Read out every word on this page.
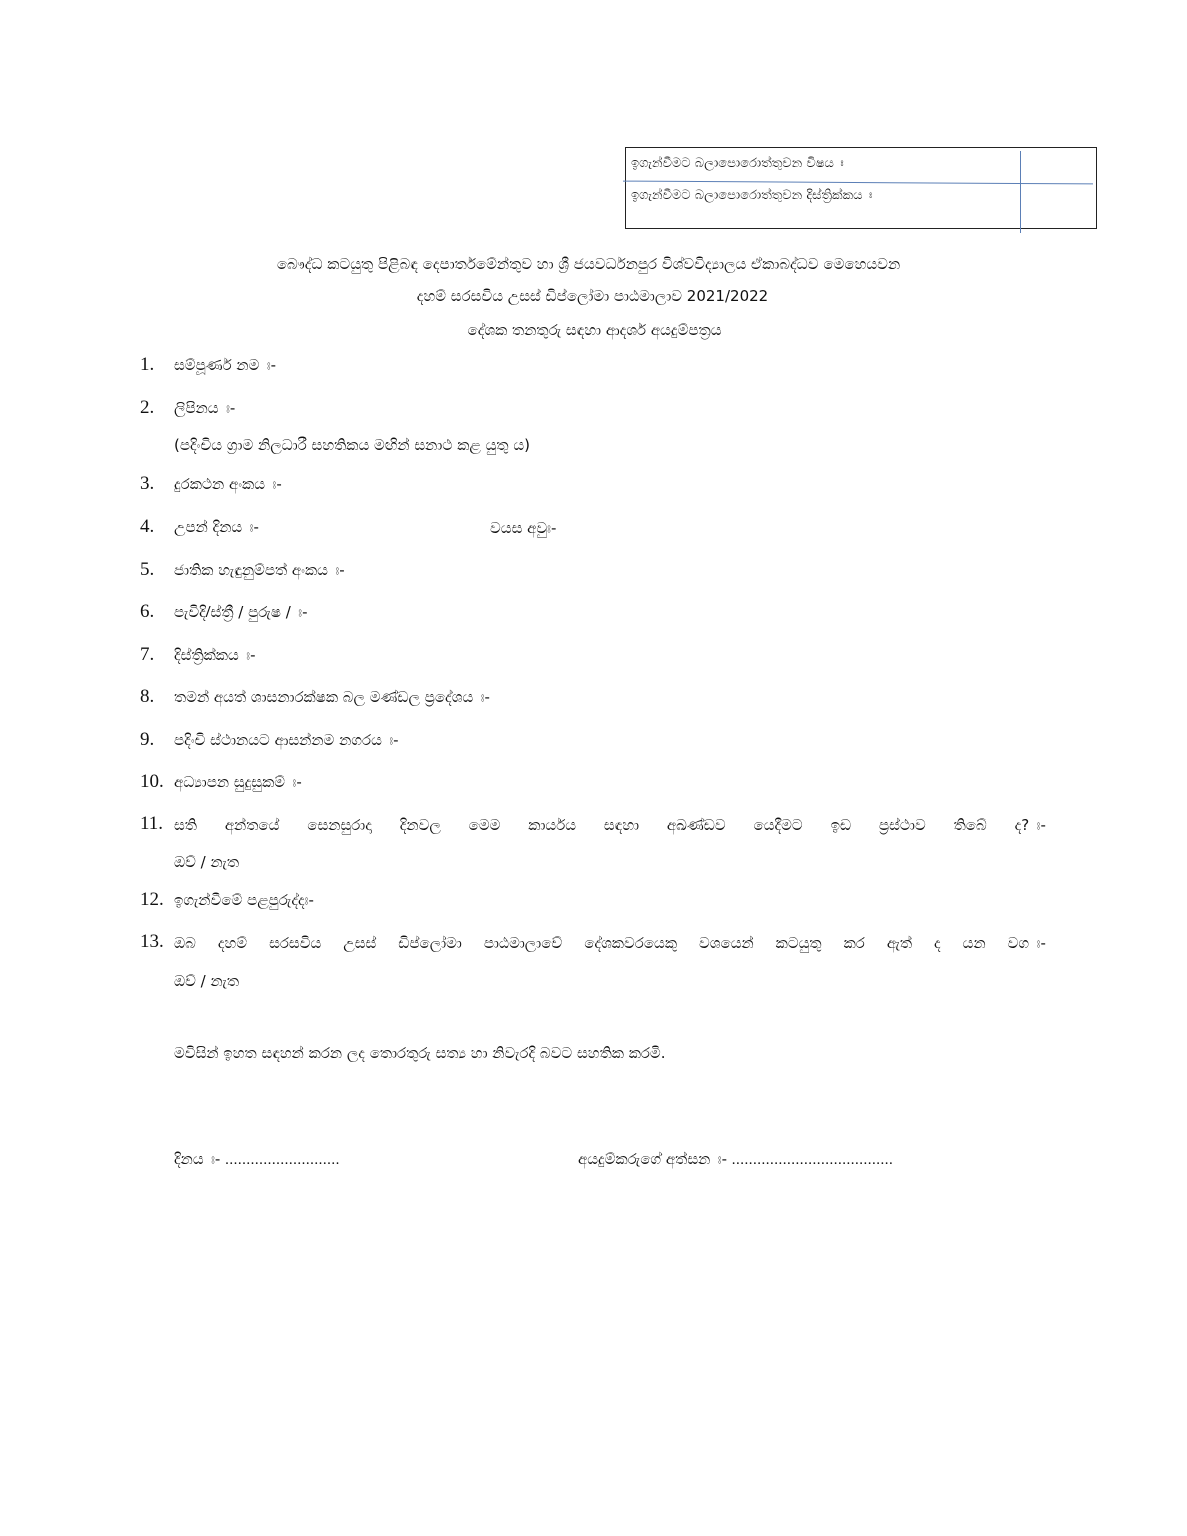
ඉගැන්වීමට බලාපොරොත්තුවන විෂය ඃ
ඉගැන්වීමට බලාපොරොත්තුවන දිස්ත්‍රික්කය ඃ
බෞද්ධ කටයුතු පිළිබඳ දෙපාර්තමේන්තුව හා ශ්‍රී ජයවර්ධනපුර විශ්වවිද්‍යාලය ඒකාබද්ධව මෙහෙයවන
දහම් සරසවිය උසස් ඩිප්ලෝමා පාඨමාලාව 2021/2022
දේශක තනතුරු සඳහා ආදර්ශ අයදුම්පත්‍රය
1. සම්පූර්ණ නම ඃ-
2. ලිපිනය ඃ-
(පදිංචිය ග්‍රාම නිලධාරී සහතිකය මඟින් සනාථ කළ යුතු ය)
3. දුරකථන අංකය ඃ-
4. උපන් දිනය ඃ-	වයස අවුඃ-
5. ජාතික හැඳුනුම්පත් අංකය ඃ-
6. පැවිදි/ස්ත්‍රී / පුරුෂ / ඃ-
7. දිස්ත්‍රික්කය ඃ-
8. තමන් අයත් ශාසනාරක්ෂක බල මණ්ඩල ප්‍රදේශය ඃ-
9. පදිංචි ස්ථානයට ආසන්නම නගරය ඃ-
10. අධ්‍යාපන සුදුසුකම් ඃ-
11. සති අන්තයේ සෙනසුරාදා දිනවල මෙම කාර්යය සඳහා අඛණ්ඩව යෙදීමට ඉඩ ප්‍රස්ථාව තිබේ ද? ඃ-
ඔව් / නැත
12. ඉගැන්වීමේ පළපුරුද්දඃ-
13. ඔබ දහම් සරසවිය උසස් ඩිප්ලෝමා පාඨමාලාවේ දේශකවරයෙකු වශයෙන් කටයුතු කර ඇත් ද යන වග ඃ-
ඔව් / නැත
මවිසින් ඉහත සඳහන් කරන ලද තොරතුරු සත්‍ය හා නිවැරදි බවට සහතික කරමි.
දිනය ඃ- ...........................	අයදුම්කරුගේ අත්සන ඃ- ......................................
